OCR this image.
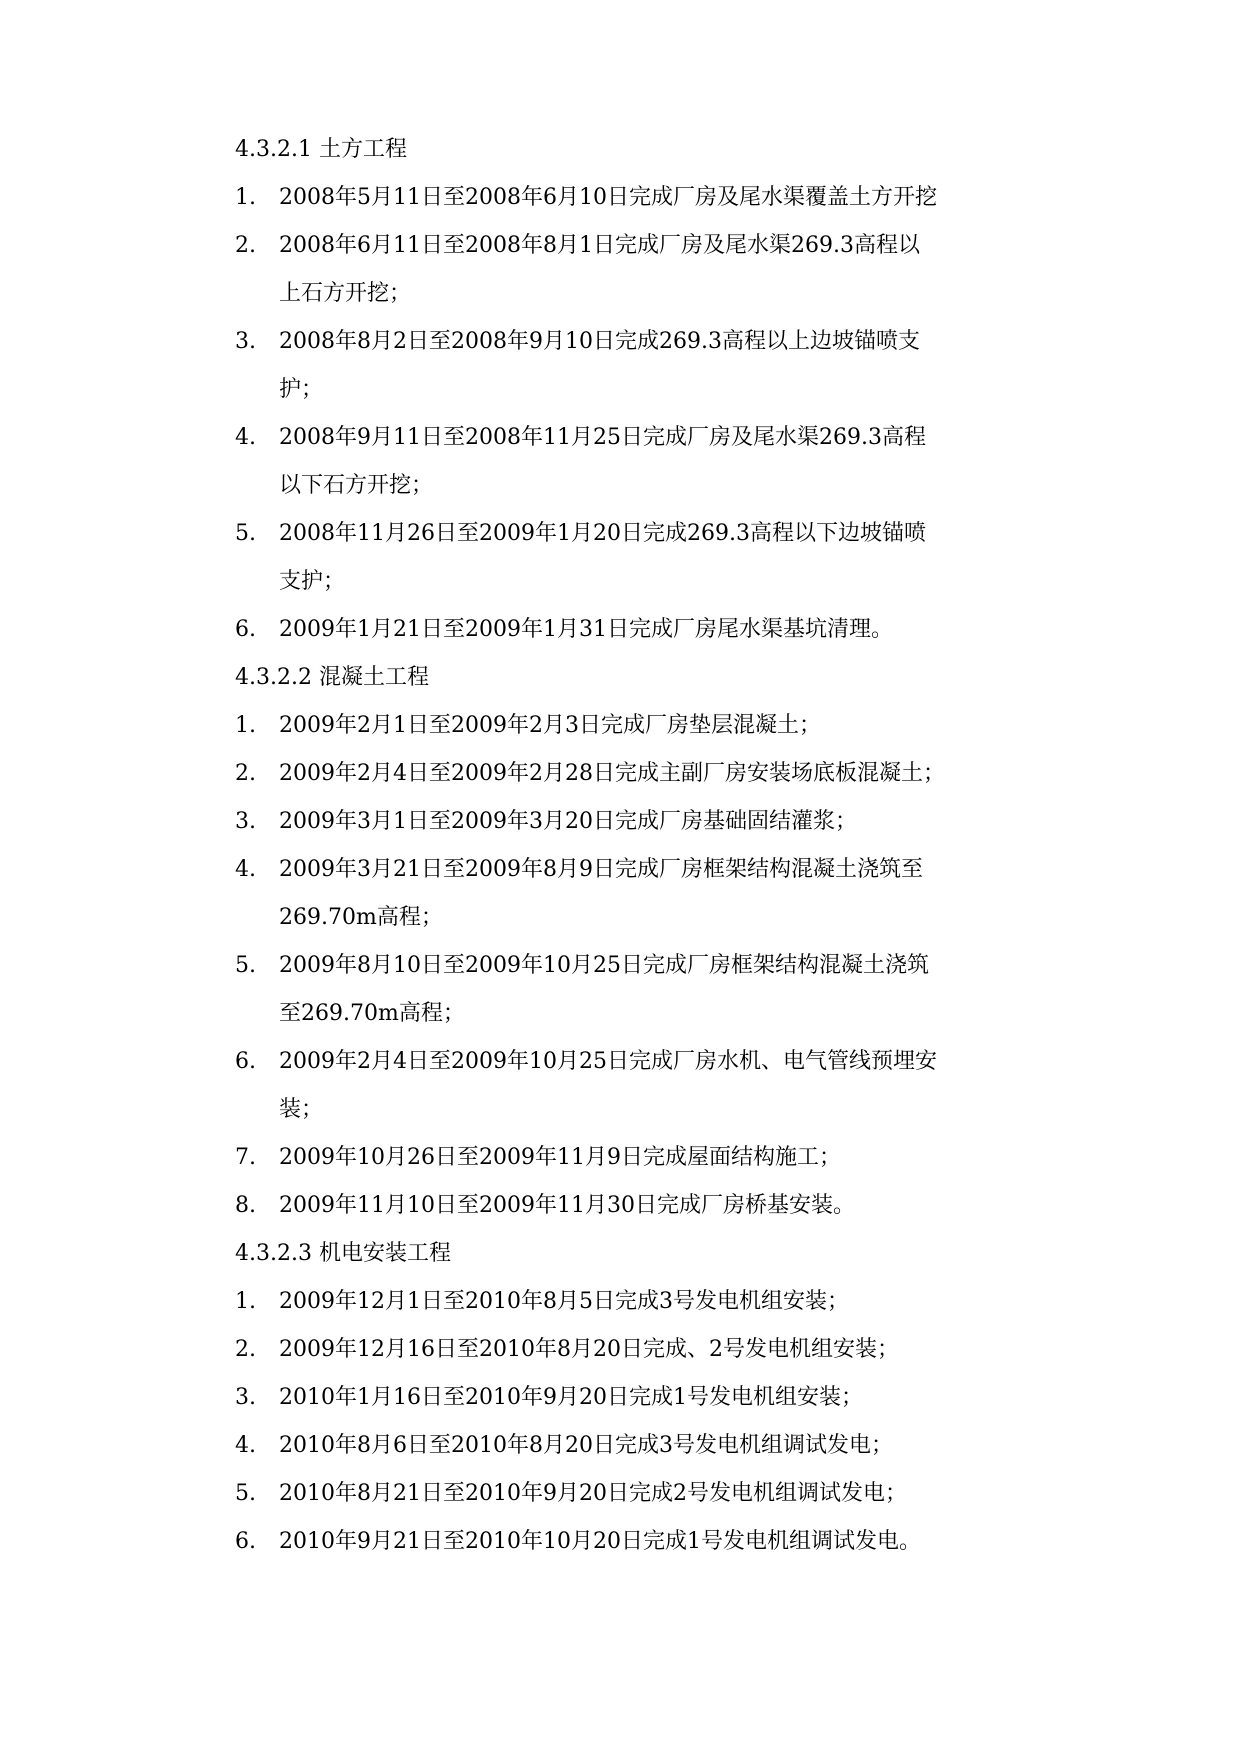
4.3.2.1 土方工程
1.	2008年5月11日至2008年6月10日完成厂房及尾水渠覆盖土方开挖
2.	2008年6月11日至2008年8月1日完成厂房及尾水渠269.3高程以
上石方开挖；
3.	2008年8月2日至2008年9月10日完成269.3高程以上边坡锚喷支
护；
4.	2008年9月11日至2008年11月25日完成厂房及尾水渠269.3高程
以下石方开挖；
5.	2008年11月26日至2009年1月20日完成269.3高程以下边坡锚喷
支护；
6.	2009年1月21日至2009年1月31日完成厂房尾水渠基坑清理。
4.3.2.2 混凝土工程
1.	2009年2月1日至2009年2月3日完成厂房垫层混凝土；
2.	2009年2月4日至2009年2月28日完成主副厂房安装场底板混凝土；
3.	2009年3月1日至2009年3月20日完成厂房基础固结灌浆；
4.	2009年3月21日至2009年8月9日完成厂房框架结构混凝土浇筑至
269.70m高程；
5.	2009年8月10日至2009年10月25日完成厂房框架结构混凝土浇筑
至269.70m高程；
6.	2009年2月4日至2009年10月25日完成厂房水机、电气管线预埋安
装；
7.	2009年10月26日至2009年11月9日完成屋面结构施工；
8.	2009年11月10日至2009年11月30日完成厂房桥基安装。
4.3.2.3 机电安装工程
1.	2009年12月1日至2010年8月5日完成3号发电机组安装；
2.	2009年12月16日至2010年8月20日完成、2号发电机组安装；
3.	2010年1月16日至2010年9月20日完成1号发电机组安装；
4.	2010年8月6日至2010年8月20日完成3号发电机组调试发电；
5.	2010年8月21日至2010年9月20日完成2号发电机组调试发电；
6.	2010年9月21日至2010年10月20日完成1号发电机组调试发电。
